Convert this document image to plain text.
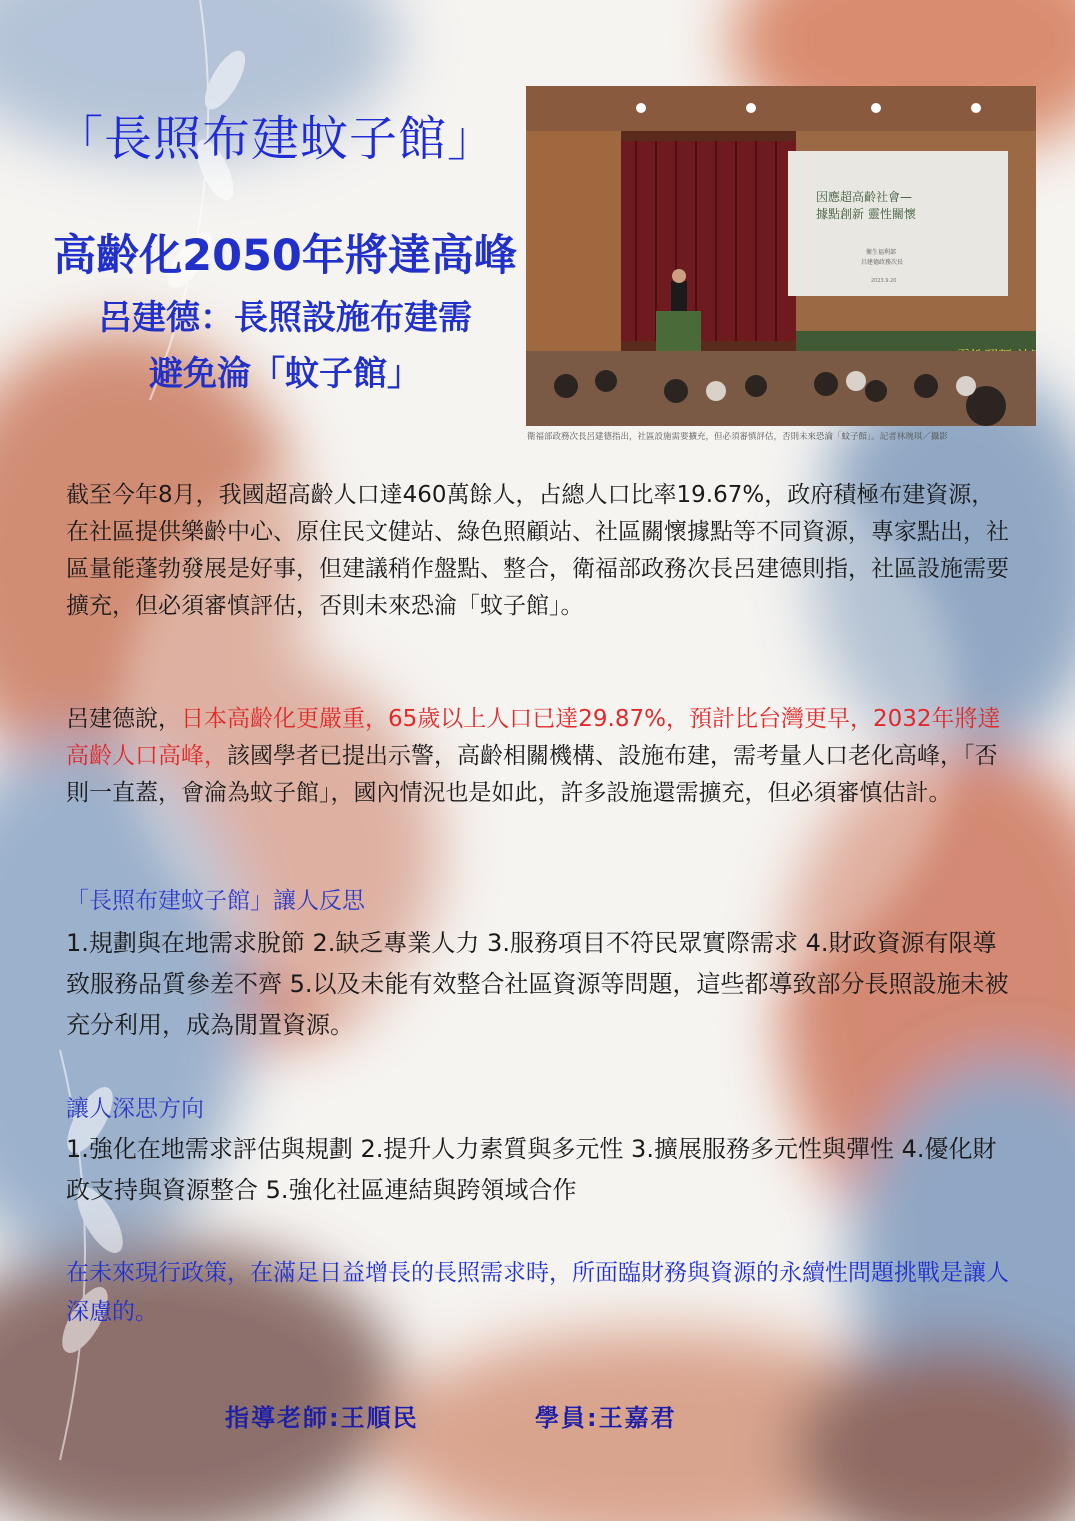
「長照布建蚊子館」
高齡化2050年將達高峰
呂建德：長照設施布建需
避免淪「蚊子館」
因應超高齡社會—
據點創新 靈性關懷
衛生福利部
呂建德政務次長
2023.9.20
衛福部政務次長呂建德指出，社區設施需要擴充，但必須審慎評估，否則未來恐淪「蚊子館」。記者林琬琪／攝影

截至今年8月，我國超高齡人口達460萬餘人，占總人口比率19.67%，政府積極布建資源，在社區提供樂齡中心、原住民文健站、綠色照顧站、社區關懷據點等不同資源，專家點出，社區量能蓬勃發展是好事，但建議稍作盤點、整合，衛福部政務次長呂建德則指，社區設施需要擴充，但必須審慎評估，否則未來恐淪「蚊子館」。

呂建德說，日本高齡化更嚴重，65歲以上人口已達29.87%，預計比台灣更早，2032年將達高齡人口高峰，該國學者已提出示警，高齡相關機構、設施布建，需考量人口老化高峰，「否則一直蓋，會淪為蚊子館」，國內情況也是如此，許多設施還需擴充，但必須審慎估計。

「長照布建蚊子館」讓人反思

1.規劃與在地需求脫節 2.缺乏專業人力 3.服務項目不符民眾實際需求 4.財政資源有限導致服務品質參差不齊 5.以及未能有效整合社區資源等問題，這些都導致部分長照設施未被充分利用，成為閒置資源。

讓人深思方向

1.強化在地需求評估與規劃 2.提升人力素質與多元性 3.擴展服務多元性與彈性 4.優化財政支持與資源整合 5.強化社區連結與跨領域合作

在未來現行政策，在滿足日益增長的長照需求時，所面臨財務與資源的永續性問題挑戰是讓人深慮的。

指導老師:王順民	學員:王嘉君
